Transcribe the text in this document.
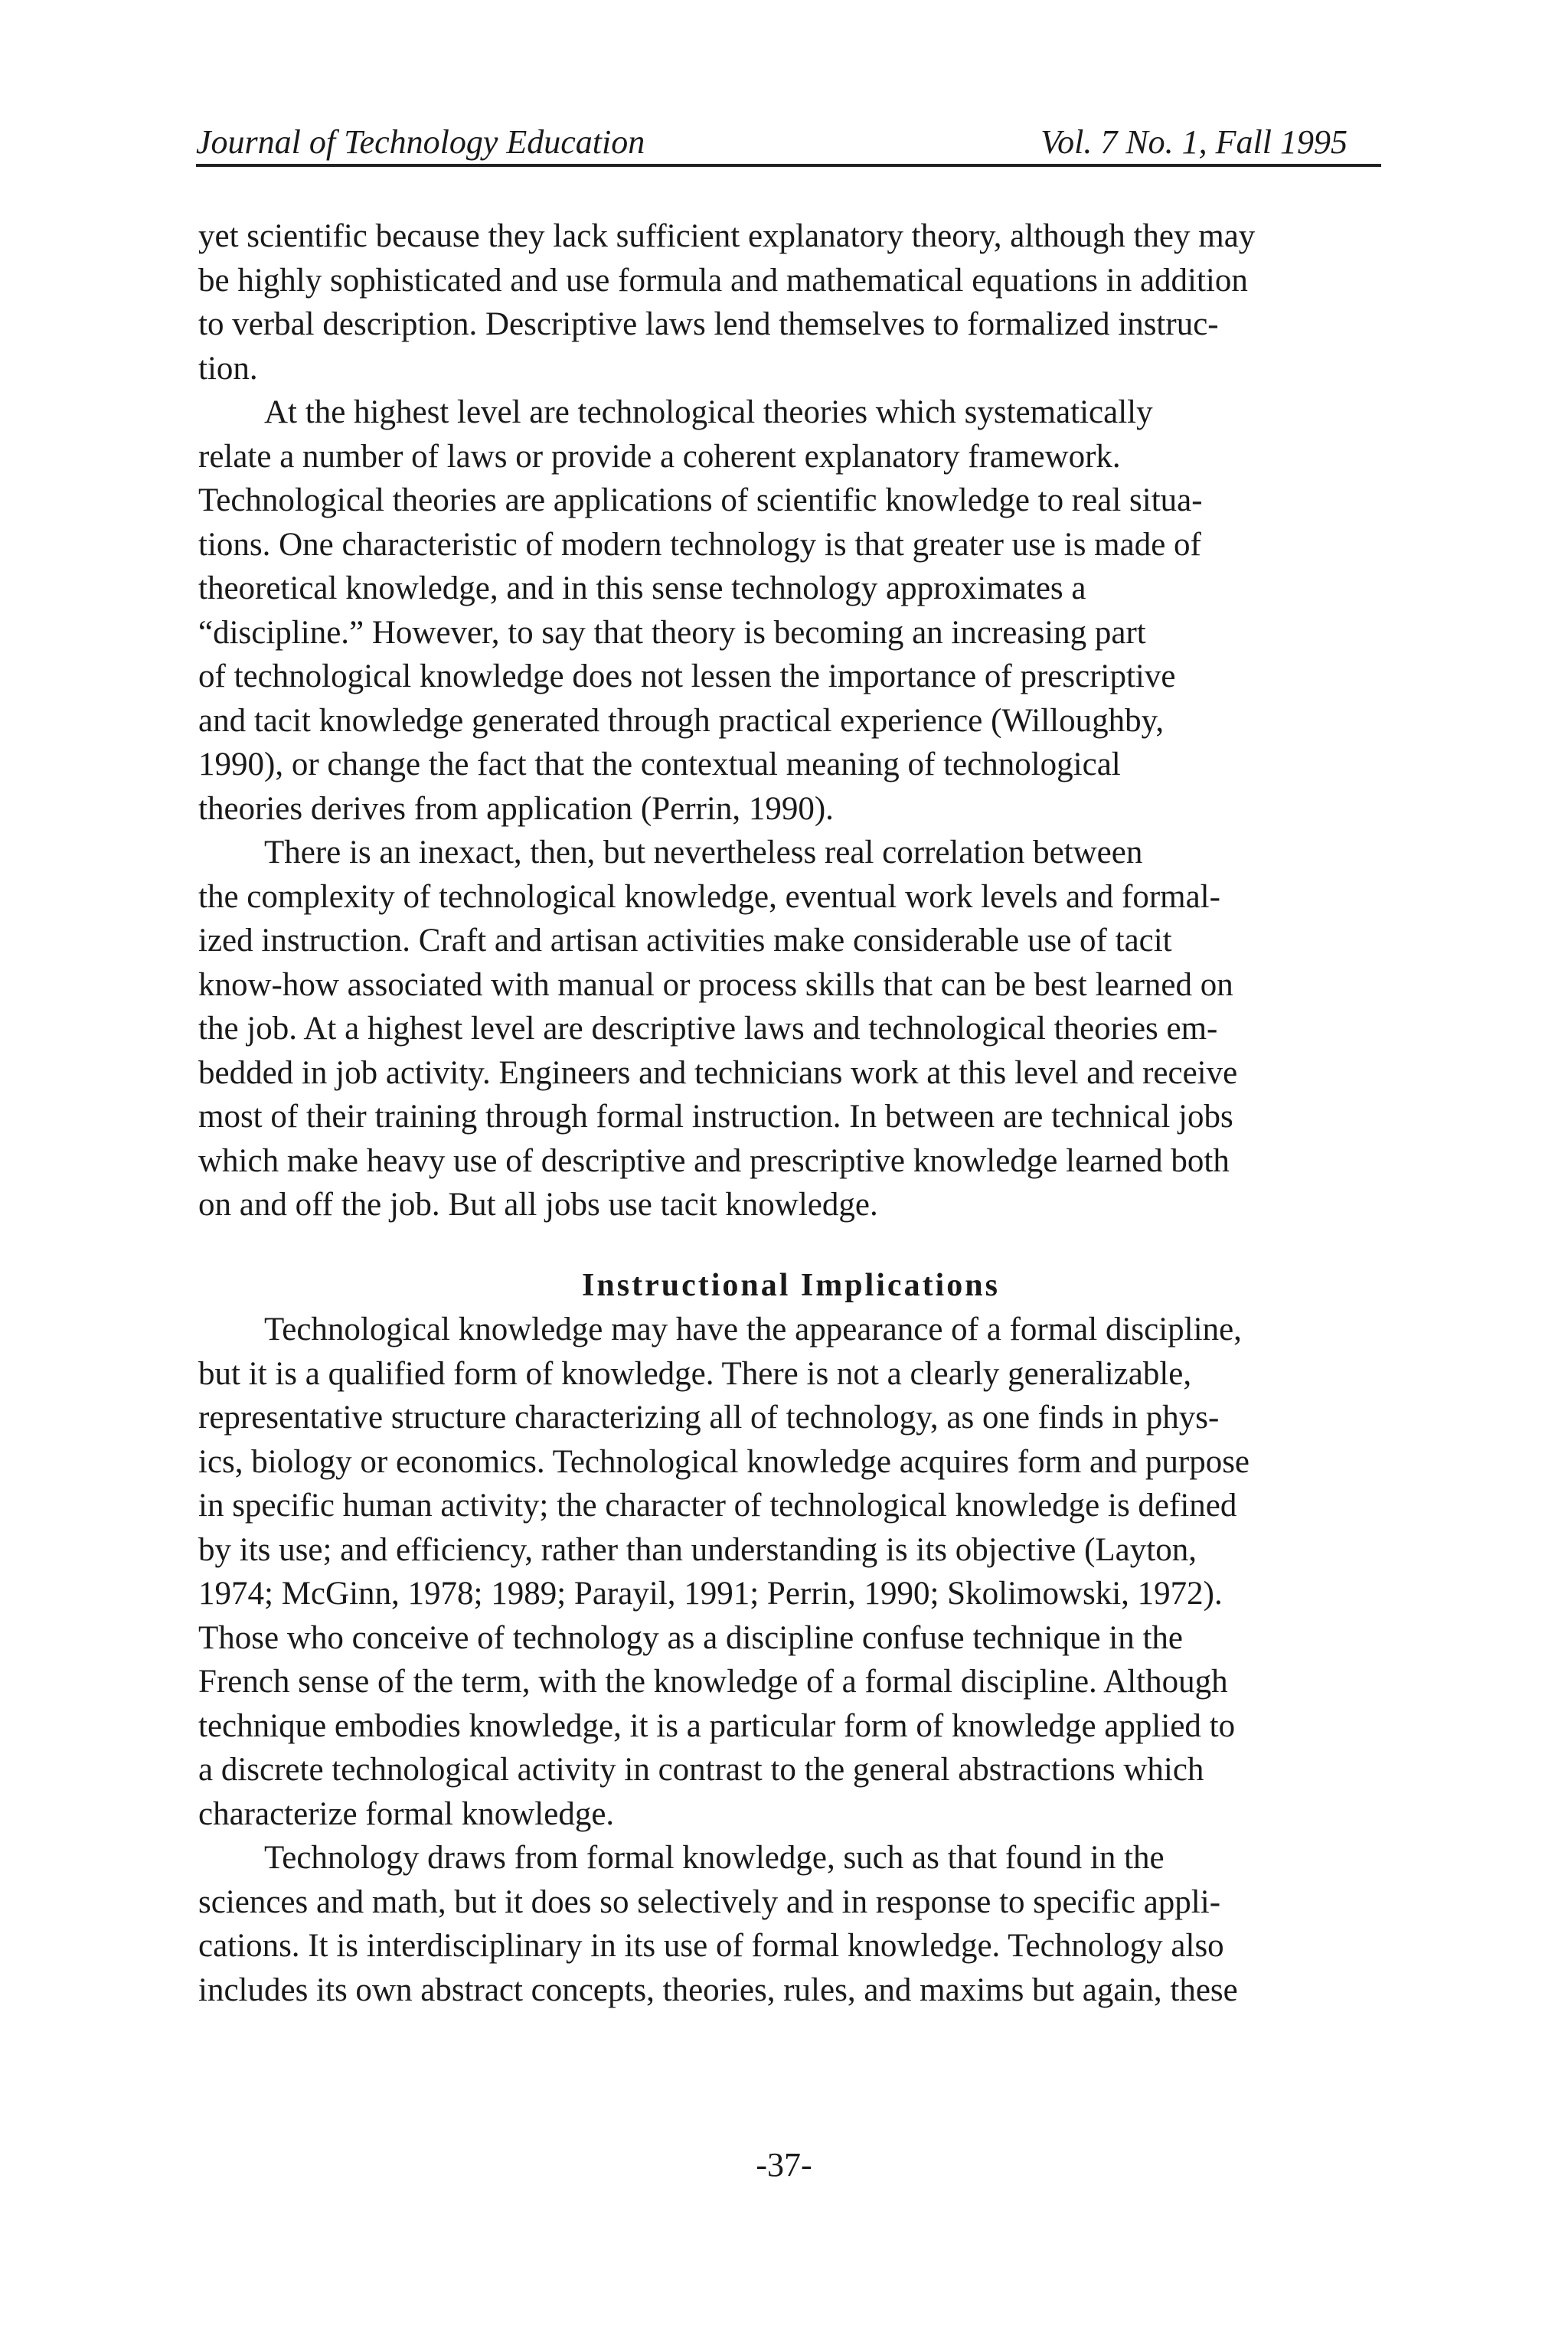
Journal of Technology Education	Vol. 7 No. 1, Fall 1995
yet scientific because they lack sufficient explanatory theory, although they may
be highly sophisticated and use formula and mathematical equations in addition
to verbal description. Descriptive laws lend themselves to formalized instruc-
tion.
At the highest level are technological theories which systematically
relate a number of laws or provide a coherent explanatory framework.
Technological theories are applications of scientific knowledge to real situa-
tions. One characteristic of modern technology is that greater use is made of
theoretical knowledge, and in this sense technology approximates a
“discipline.” However, to say that theory is becoming an increasing part
of technological knowledge does not lessen the importance of prescriptive
and tacit knowledge generated through practical experience (Willoughby,
1990), or change the fact that the contextual meaning of technological
theories derives from application (Perrin, 1990).
There is an inexact, then, but nevertheless real correlation between
the complexity of technological knowledge, eventual work levels and formal-
ized instruction. Craft and artisan activities make considerable use of tacit
know-how associated with manual or process skills that can be best learned on
the job. At a highest level are descriptive laws and technological theories em-
bedded in job activity. Engineers and technicians work at this level and receive
most of their training through formal instruction. In between are technical jobs
which make heavy use of descriptive and prescriptive knowledge learned both
on and off the job. But all jobs use tacit knowledge.
Instructional Implications
Technological knowledge may have the appearance of a formal discipline,
but it is a qualified form of knowledge. There is not a clearly generalizable,
representative structure characterizing all of technology, as one finds in phys-
ics, biology or economics. Technological knowledge acquires form and purpose
in specific human activity; the character of technological knowledge is defined
by its use; and efficiency, rather than understanding is its objective (Layton,
1974; McGinn, 1978; 1989; Parayil, 1991; Perrin, 1990; Skolimowski, 1972).
Those who conceive of technology as a discipline confuse technique in the
French sense of the term, with the knowledge of a formal discipline. Although
technique embodies knowledge, it is a particular form of knowledge applied to
a discrete technological activity in contrast to the general abstractions which
characterize formal knowledge.
Technology draws from formal knowledge, such as that found in the
sciences and math, but it does so selectively and in response to specific appli-
cations. It is interdisciplinary in its use of formal knowledge. Technology also
includes its own abstract concepts, theories, rules, and maxims but again, these
-37-
